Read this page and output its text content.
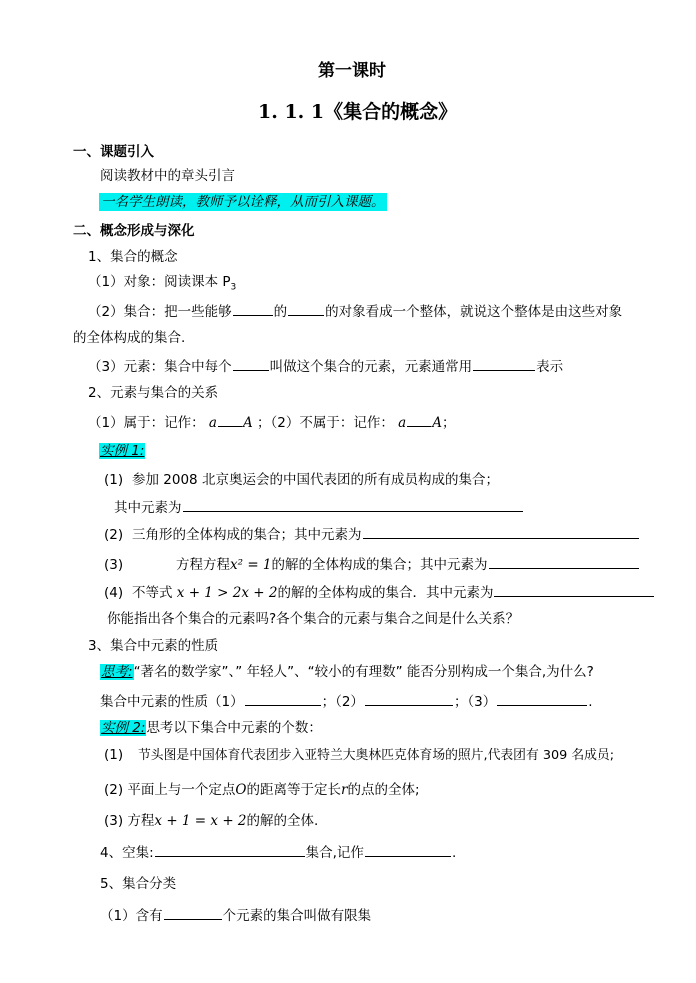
第一课时
1. 1. 1《集合的概念》
一、课题引入
阅读教材中的章头引言
一名学生朗读，教师予以诠释，从而引入课题。
二、概念形成与深化
1、集合的概念
（1）对象：阅读课本 $P_3$
（2）集合：把一些能够	的	的对象看成一个整体，就说这个整体是由这些对象
的全体构成的集合.
（3）元素：集合中每个	叫做这个集合的元素，元素通常用	表示
2、元素与集合的关系
（1）属于：记作： a A ；（2）不属于：记作： a A；
实例 1:
(1) 参加 2008 北京奥运会的中国代表团的所有成员构成的集合；
其中元素为
(2) 三角形的全体构成的集合；其中元素为
(3)	方程方程x² = 1的解的全体构成的集合；其中元素为
(4) 不等式 x + 1 > 2x + 2的解的全体构成的集合．其中元素为
你能指出各个集合的元素吗?各个集合的元素与集合之间是什么关系？
3、集合中元素的性质
思考:“著名的数学家”、” 年轻人”、“较小的有理数” 能否分别构成一个集合,为什么?
集合中元素的性质（1）	；（2）	；（3）	.
实例 2:思考以下集合中元素的个数：
(1) 节头图是中国体育代表团步入亚特兰大奥林匹克体育场的照片,代表团有 309 名成员;
(2) 平面上与一个定点O的距离等于定长r的点的全体;
(3) 方程x + 1 = x + 2的解的全体.
4、空集:	集合,记作	.
5、集合分类
（1）含有	个元素的集合叫做有限集
